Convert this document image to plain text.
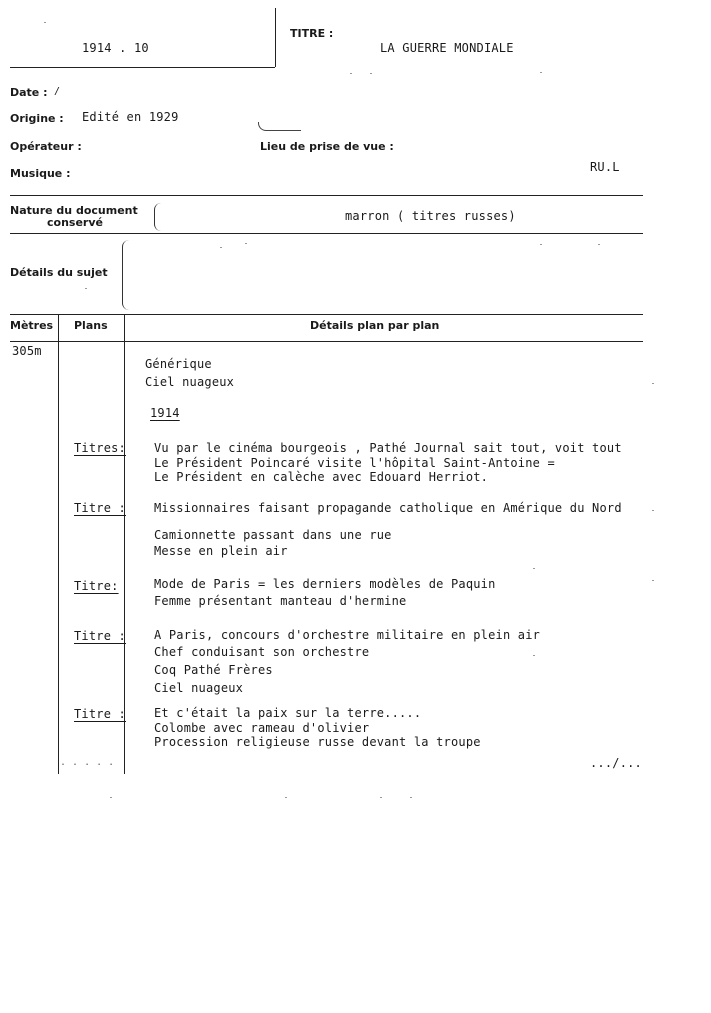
1914 . 10
TITRE :
LA GUERRE MONDIALE
Date : /
Origine : Edité en 1929
Opérateur :	Lieu de prise de vue :
Musique :	RU.L
Nature du document
conservé	marron ( titres russes)
Détails du sujet
Mètres Plans	Détails plan par plan
305m
Générique
Ciel nuageux
1914
Titres: Vu par le cinéma bourgeois , Pathé Journal sait tout, voit tout
Le Président Poincaré visite l'hôpital Saint-Antoine =
Le Président en calèche avec Edouard Herriot.
Titre : Missionnaires faisant propagande catholique en Amérique du Nord
Camionnette passant dans une rue
Messe en plein air
Titre:	Mode de Paris = les derniers modèles de Paquin
Femme présentant manteau d'hermine
Titre : A Paris, concours d'orchestre militaire en plein air
Chef conduisant son orchestre
Coq Pathé Frères
Ciel nuageux
Titre : Et c'était la paix sur la terre.....
Colombe avec rameau d'olivier
Procession religieuse russe devant la troupe
.../...
. . . . .
